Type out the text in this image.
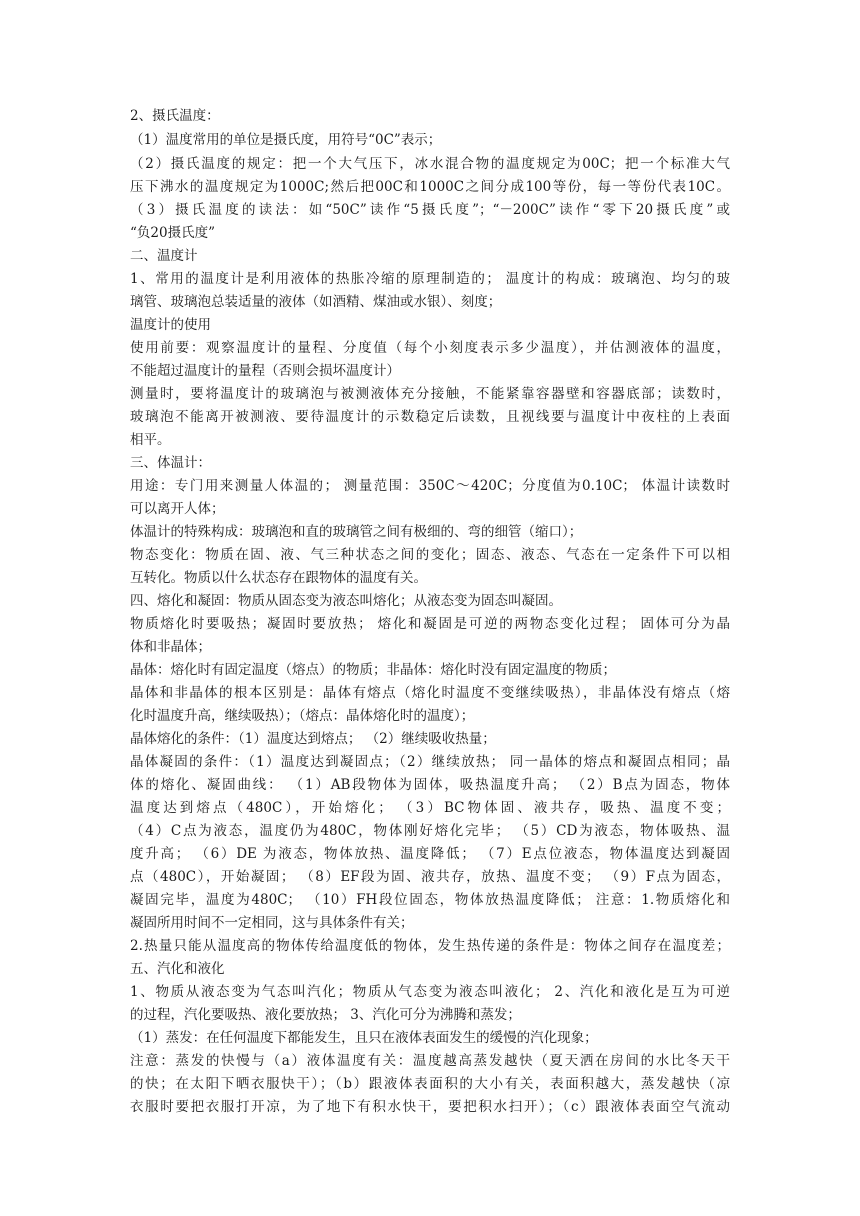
2、摄氏温度：
（1）温度常用的单位是摄氏度，用符号“0C”表示；
（2）摄氏温度的规定：把一个大气压下，冰水混合物的温度规定为00C；把一个标准大气
压下沸水的温度规定为1000C;然后把00C和1000C之间分成100等份，每一等份代表10C。
（3）摄氏温度的读法：如“50C”读作“5摄氏度”；“－200C”读作“零下20摄氏度”或
“负20摄氏度”
二、温度计
1、常用的温度计是利用液体的热胀冷缩的原理制造的； 温度计的构成：玻璃泡、均匀的玻
璃管、玻璃泡总装适量的液体（如酒精、煤油或水银）、刻度；
温度计的使用
使用前要：观察温度计的量程、分度值（每个小刻度表示多少温度），并估测液体的温度，
不能超过温度计的量程（否则会损坏温度计）
测量时，要将温度计的玻璃泡与被测液体充分接触，不能紧靠容器壁和容器底部；读数时，
玻璃泡不能离开被测液、要待温度计的示数稳定后读数，且视线要与温度计中夜柱的上表面
相平。
三、体温计：
用途：专门用来测量人体温的； 测量范围：350C～420C；分度值为0.10C； 体温计读数时
可以离开人体；
体温计的特殊构成：玻璃泡和直的玻璃管之间有极细的、弯的细管（缩口）；
物态变化：物质在固、液、气三种状态之间的变化；固态、液态、气态在一定条件下可以相
互转化。物质以什么状态存在跟物体的温度有关。
四、熔化和凝固：物质从固态变为液态叫熔化；从液态变为固态叫凝固。
物质熔化时要吸热；凝固时要放热； 熔化和凝固是可逆的两物态变化过程； 固体可分为晶
体和非晶体；
晶体：熔化时有固定温度（熔点）的物质；非晶体：熔化时没有固定温度的物质；
晶体和非晶体的根本区别是：晶体有熔点（熔化时温度不变继续吸热），非晶体没有熔点（熔
化时温度升高，继续吸热）；（熔点：晶体熔化时的温度）；
晶体熔化的条件：（1）温度达到熔点； （2）继续吸收热量；
晶体凝固的条件：（1）温度达到凝固点；（2）继续放热； 同一晶体的熔点和凝固点相同；晶
体的熔化、凝固曲线： （1）AB段物体为固体，吸热温度升高； （2）B点为固态，物体
温度达到熔点（480C），开始熔化； （3）BC物体固、液共存，吸热、温度不变；
（4）C点为液态，温度仍为480C，物体刚好熔化完毕； （5）CD为液态，物体吸热、温
度升高； （6）DE 为液态，物体放热、温度降低； （7）E点位液态，物体温度达到凝固
点（480C），开始凝固； （8）EF段为固、液共存，放热、温度不变； （9）F点为固态，
凝固完毕，温度为480C； （10）FH段位固态，物体放热温度降低； 注意：1.物质熔化和
凝固所用时间不一定相同，这与具体条件有关；
2.热量只能从温度高的物体传给温度低的物体，发生热传递的条件是：物体之间存在温度差；
五、汽化和液化
1、物质从液态变为气态叫汽化；物质从气态变为液态叫液化； 2、汽化和液化是互为可逆
的过程，汽化要吸热、液化要放热； 3、汽化可分为沸腾和蒸发；
（1）蒸发：在任何温度下都能发生，且只在液体表面发生的缓慢的汽化现象；
注意：蒸发的快慢与（a）液体温度有关：温度越高蒸发越快（夏天洒在房间的水比冬天干
的快；在太阳下晒衣服快干）；（b）跟液体表面积的大小有关，表面积越大，蒸发越快（凉
衣服时要把衣服打开凉，为了地下有积水快干，要把积水扫开）；（c）跟液体表面空气流动
